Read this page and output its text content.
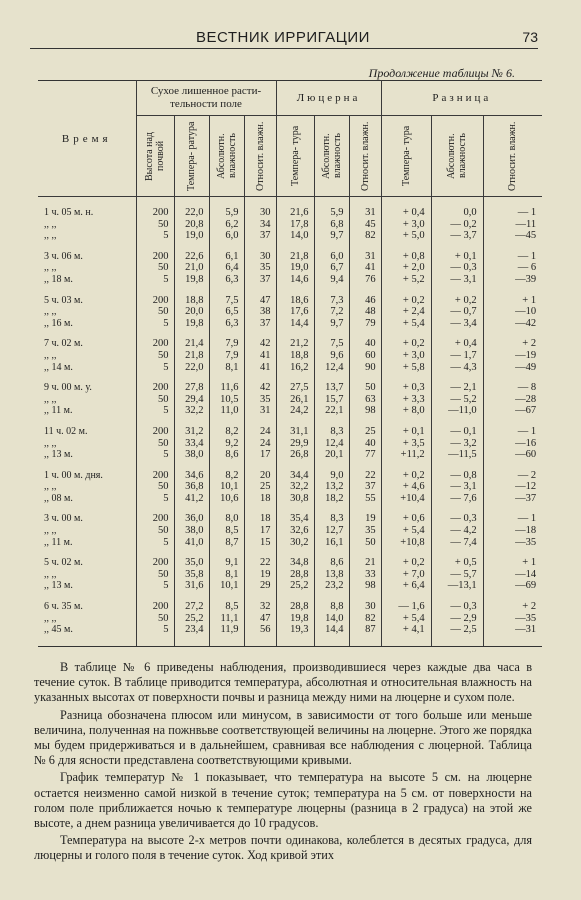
ВЕСТНИК ИРРИГАЦИИ	73
Продолжение таблицы № 6.
Время	Сухое лишенное расти- тельности поле				Люцерна			Разница		

	Высота над почвой	Темпера- ратура	Абсолютн. влажность	Относит. влажн.	Темпера- тура	Абсолютн. влажность	Относит. влажн.	Темпера- тура	Абсолютн. влажность	Относит. влажн.

1 ч. 05 м. н.	200	22,0	5,9	30	21,6	5,9	31	+ 0,4	0,0	— 1
,, ,,	50	20,8	6,2	34	17,8	6,8	45	+ 3,0	— 0,2	—11
,, ,,	5	19,0	6,0	37	14,0	9,7	82	+ 5,0	— 3,7	—45

3 ч. 06 м.	200	22,6	6,1	30	21,8	6,0	31	+ 0,8	+ 0,1	— 1
,, ,,	50	21,0	6,4	35	19,0	6,7	41	+ 2,0	— 0,3	— 6
,, 18 м.	5	19,8	6,3	37	14,6	9,4	76	+ 5,2	— 3,1	—39

5 ч. 03 м.	200	18,8	7,5	47	18,6	7,3	46	+ 0,2	+ 0,2	+ 1
,, ,,	50	20,0	6,5	38	17,6	7,2	48	+ 2,4	— 0,7	—10
,, 16 м.	5	19,8	6,3	37	14,4	9,7	79	+ 5,4	— 3,4	—42

7 ч. 02 м.	200	21,4	7,9	42	21,2	7,5	40	+ 0,2	+ 0,4	+ 2
,, ,,	50	21,8	7,9	41	18,8	9,6	60	+ 3,0	— 1,7	—19
,, 14 м.	5	22,0	8,1	41	16,2	12,4	90	+ 5,8	— 4,3	—49

9 ч. 00 м. у.	200	27,8	11,6	42	27,5	13,7	50	+ 0,3	— 2,1	— 8
,, ,,	50	29,4	10,5	35	26,1	15,7	63	+ 3,3	— 5,2	—28
,, 11 м.	5	32,2	11,0	31	24,2	22,1	98	+ 8,0	—11,0	—67

11 ч. 02 м.	200	31,2	8,2	24	31,1	8,3	25	+ 0,1	— 0,1	— 1
,, ,,	50	33,4	9,2	24	29,9	12,4	40	+ 3,5	— 3,2	—16
,, 13 м.	5	38,0	8,6	17	26,8	20,1	77	+11,2	—11,5	—60

1 ч. 00 м. дня.	200	34,6	8,2	20	34,4	9,0	22	+ 0,2	— 0,8	— 2
,, ,,	50	36,8	10,1	25	32,2	13,2	37	+ 4,6	— 3,1	—12
,, 08 м.	5	41,2	10,6	18	30,8	18,2	55	+10,4	— 7,6	—37

3 ч. 00 м.	200	36,0	8,0	18	35,4	8,3	19	+ 0,6	— 0,3	— 1
,, ,,	50	38,0	8,5	17	32,6	12,7	35	+ 5,4	— 4,2	—18
,, 11 м.	5	41,0	8,7	15	30,2	16,1	50	+10,8	— 7,4	—35

5 ч. 02 м.	200	35,0	9,1	22	34,8	8,6	21	+ 0,2	+ 0,5	+ 1
,, ,,	50	35,8	8,1	19	28,8	13,8	33	+ 7,0	— 5,7	—14
,, 13 м.	5	31,6	10,1	29	25,2	23,2	98	+ 6,4	—13,1	—69

6 ч. 35 м.	200	27,2	8,5	32	28,8	8,8	30	— 1,6	— 0,3	+ 2
,, ,,	50	25,2	11,1	47	19,8	14,0	82	+ 5,4	— 2,9	—35
,, 45 м.	5	23,4	11,9	56	19,3	14,4	87	+ 4,1	— 2,5	—31

В таблице № 6 приведены наблюдения, производившиеся через каждые два часа в течение суток. В таблице приводится температура, абсолютная и относительная влажность на указанных высотах от поверхности почвы и разница между ними на люцерне и сухом поле.

Разница обозначена плюсом или минусом, в зависимости от того больше или меньше величина, полученная на пожнвьве соответствующей величины на люцерне. Этого же порядка мы будем придерживаться и в дальнейшем, сравнивая все наблюдения с люцерной. Таблица № 6 для ясности представлена соответствующими кривыми.

График температур № 1 показывает, что температура на высоте 5 см. на люцерне остается неизменно самой низкой в течение суток; температура на 5 см. от поверхности на голом поле приближается ночью к температуре люцерны (разница в 2 градуса) на этой же высоте, а днем разница увеличивается до 10 градусов.

Температура на высоте 2-х метров почти одинакова, колеблется в десятых градуса, для люцерны и голого поля в течение суток. Ход кривой этих
